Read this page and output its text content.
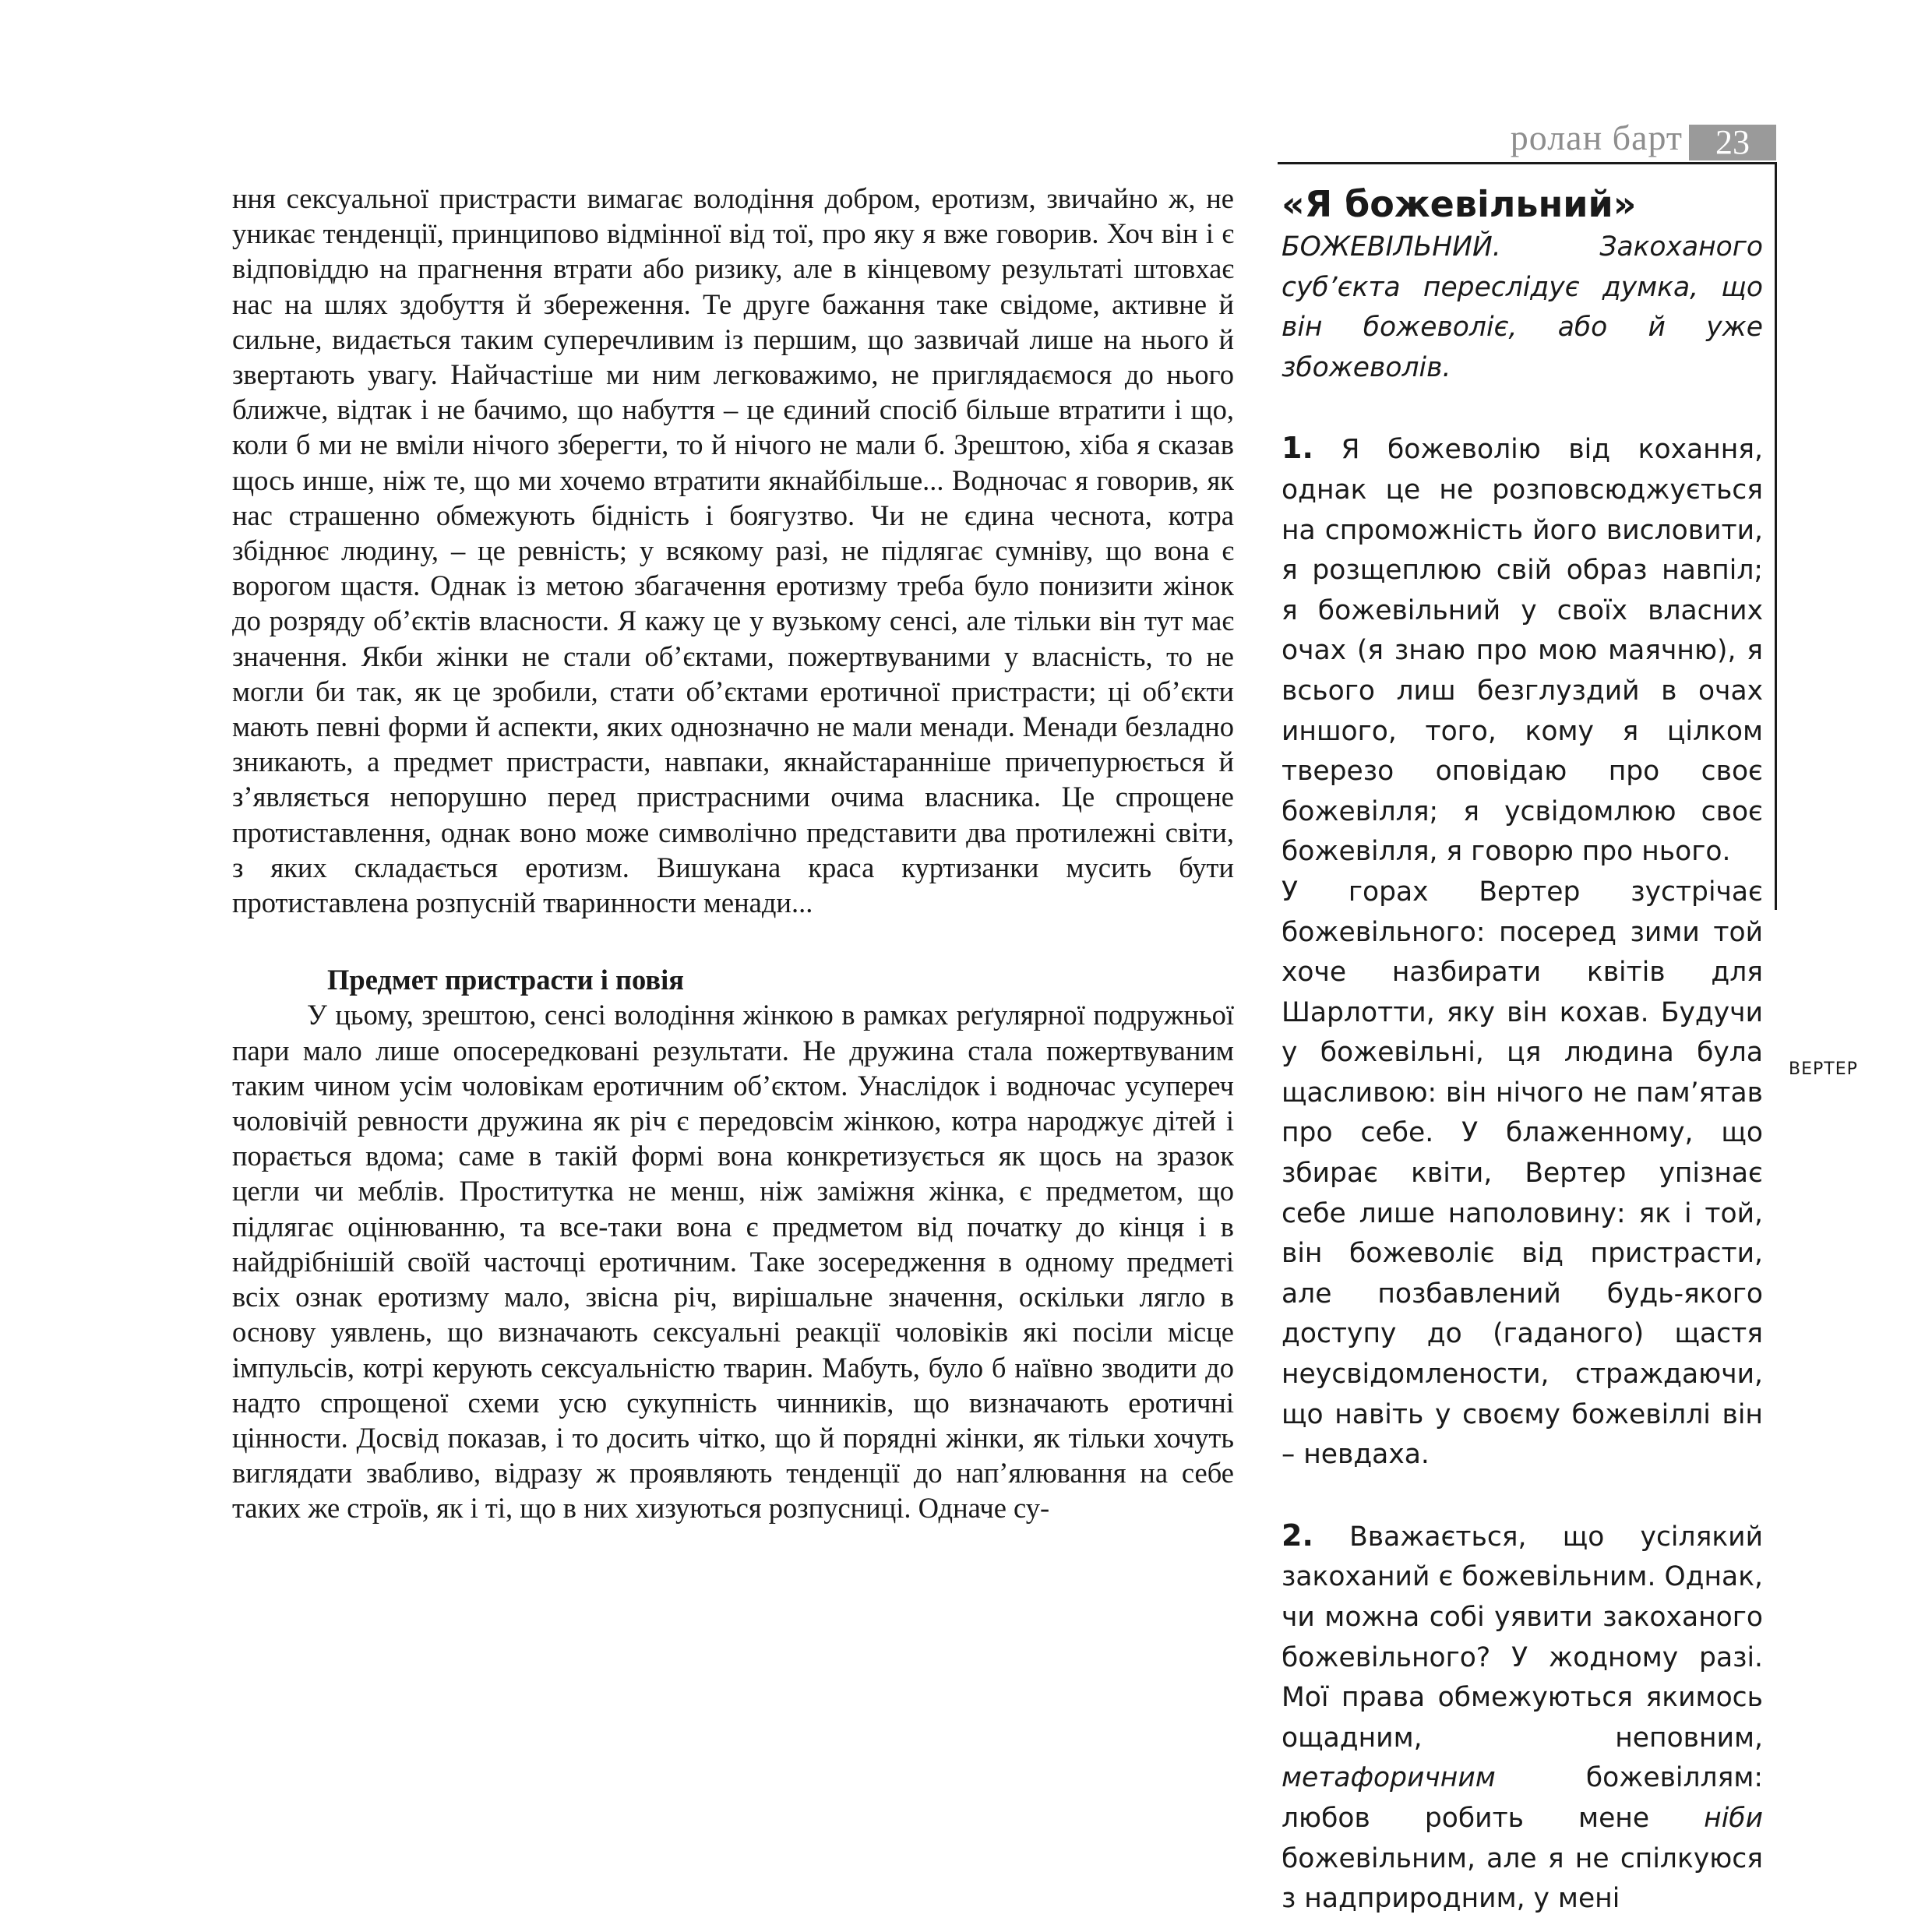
ролан барт 23

ння сексуальної пристрасти вимагає володіння добром, еротизм, звичайно ж, не уникає тенденції, принципово відмінної від тої, про яку я вже говорив. Хоч він і є відповіддю на прагнення втрати або ризику, але в кінцевому результаті штовхає нас на шлях здобуття й збереження. Те друге бажання таке свідоме, активне й сильне, видається таким суперечливим із першим, що зазвичай лише на нього й звертають увагу. Найчастіше ми ним легковажимо, не приглядаємося до нього ближче, відтак і не бачимо, що набуття – це єдиний спосіб більше втратити і що, коли б ми не вміли нічого зберегти, то й нічого не мали б. Зрештою, хіба я сказав щось инше, ніж те, що ми хочемо втратити якнайбільше... Водночас я говорив, як нас страшенно обмежують бідність і боягузтво. Чи не єдина чеснота, котра збіднює людину, – це ревність; у всякому разі, не підлягає сумніву, що вона є ворогом щастя. Однак із метою збагачення еротизму треба було понизити жінок до розряду об’єктів власности. Я кажу це у вузькому сенсі, але тільки він тут має значення. Якби жінки не стали об’єктами, пожертвуваними у власність, то не могли би так, як це зробили, стати об’єктами еротичної пристрасти; ці об’єкти мають певні форми й аспекти, яких однозначно не мали менади. Менади безладно зникають, а предмет пристрасти, навпаки, якнайстаранніше причепурюється й з’являється непорушно перед пристрасними очима власника. Це спрощене протиставлення, однак воно може символічно представити два протилежні світи, з яких складається еротизм. Вишукана краса куртизанки мусить бути протиставлена розпусній тваринности менади...

Предмет пристрасти і повія

У цьому, зрештою, сенсі володіння жінкою в рамках реґулярної подружньої пари мало лише опосередковані результати. Не дружина стала пожертвуваним таким чином усім чоловікам еротичним об’єктом. Унаслідок і водночас усупереч чоловічій ревности дружина як річ є передовсім жінкою, котра народжує дітей і порається вдома; саме в такій формі вона конкретизується як щось на зразок цегли чи меблів. Проститутка не менш, ніж заміжня жінка, є предметом, що підлягає оцінюванню, та все-таки вона є предметом від початку до кінця і в найдрібнішій своїй часточці еротичним. Таке зосередження в одному предметі всіх ознак еротизму мало, звісна річ, вирішальне значення, оскільки лягло в основу уявлень, що визначають сексуальні реакції чоловіків які посіли місце імпульсів, котрі керують сексуальністю тварин. Мабуть, було б наївно зводити до надто спрощеної схеми усю сукупність чинників, що визначають еротичні цінности. Досвід показав, і то досить чітко, що й порядні жінки, як тільки хочуть виглядати звабливо, відразу ж проявляють тенденції до нап’ялювання на себе таких же строїв, як і ті, що в них хизуються розпусниці. Одначе су-

«Я божевільний»

БОЖЕВІЛЬНИЙ. Закоханого суб’єкта переслідує думка, що він божеволіє, або й уже збожеволів.

1. Я божеволію від кохання, однак це не розповсюджується на спроможність його висловити, я розщеплюю свій образ навпіл; я божевільний у своїх власних очах (я знаю про мою маячню), я всього лиш безглуздий в очах иншого, того, кому я цілком тверезо оповідаю про своє божевілля; я усвідомлюю своє божевілля, я говорю про нього.

У горах Вертер зустрічає божевільного: посеред зими той хоче назбирати квітів для Шарлотти, яку він кохав. Будучи у божевільні, ця людина була щасливою: він нічого не пам’ятав про себе. У блаженному, що збирає квіти, Вертер упізнає себе лише наполовину: як і той, він божеволіє від пристрасти, але позбавлений будь-якого доступу до (гаданого) щастя неусвідомлености, страждаючи, що навіть у своєму божевіллі він – невдаха.

2. Вважається, що усілякий закоханий є божевільним. Однак, чи можна собі уявити закоханого божевільного? У жодному разі. Мої права обмежуються якимось ощадним, неповним, метафоричним	божевіллям: любов робить мене ніби божевільним, але я не спілкуюся з надприродним, у мені

ВЕРТЕР
